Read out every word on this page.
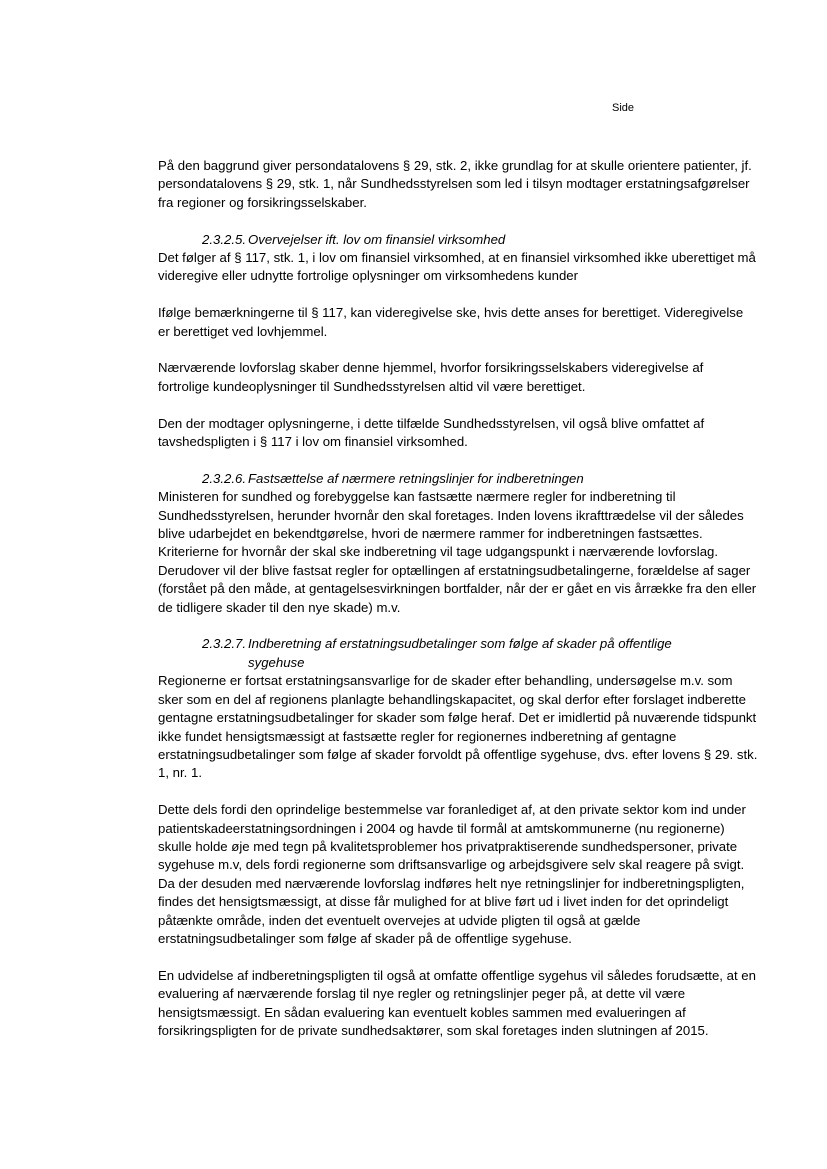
Side

På den baggrund giver persondatalovens § 29, stk. 2, ikke grundlag for at skulle orientere patienter, jf. persondatalovens § 29, stk. 1, når Sundhedsstyrelsen som led i tilsyn modtager erstatningsafgørelser fra regioner og forsikringsselskaber.

2.3.2.5. Overvejelser ift. lov om finansiel virksomhed

Det følger af § 117, stk. 1, i lov om finansiel virksomhed, at en finansiel virksomhed ikke uberettiget må videregive eller udnytte fortrolige oplysninger om virksomhedens kunder

Ifølge bemærkningerne til § 117, kan videregivelse ske, hvis dette anses for berettiget. Videregivelse er berettiget ved lovhjemmel.

Nærværende lovforslag skaber denne hjemmel, hvorfor forsikringsselskabers videregivelse af fortrolige kundeoplysninger til Sundhedsstyrelsen altid vil være berettiget.

Den der modtager oplysningerne, i dette tilfælde Sundhedsstyrelsen, vil også blive omfattet af tavshedspligten i § 117 i lov om finansiel virksomhed.

2.3.2.6. Fastsættelse af nærmere retningslinjer for indberetningen

Ministeren for sundhed og forebyggelse kan fastsætte nærmere regler for indberetning til Sundhedsstyrelsen, herunder hvornår den skal foretages. Inden lovens ikrafttrædelse vil der således blive udarbejdet en bekendtgørelse, hvori de nærmere rammer for indberetningen fastsættes. Kriterierne for hvornår der skal ske indberetning vil tage udgangspunkt i nærværende lovforslag. Derudover vil der blive fastsat regler for optællingen af erstatningsudbetalingerne, forældelse af sager (forstået på den måde, at gentagelsesvirkningen bortfalder, når der er gået en vis årrække fra den eller de tidligere skader til den nye skade) m.v.

2.3.2.7. Indberetning af erstatningsudbetalinger som følge af skader på offentlige
sygehuse

Regionerne er fortsat erstatningsansvarlige for de skader efter behandling, undersøgelse m.v. som sker som en del af regionens planlagte behandlingskapacitet, og skal derfor efter forslaget indberette gentagne erstatningsudbetalinger for skader som følge heraf. Det er imidlertid på nuværende tidspunkt ikke fundet hensigtsmæssigt at fastsætte regler for regionernes indberetning af gentagne erstatningsudbetalinger som følge af skader forvoldt på offentlige sygehuse, dvs. efter lovens § 29. stk. 1, nr. 1.

Dette dels fordi den oprindelige bestemmelse var foranlediget af, at den private sektor kom ind under patientskadeerstatningsordningen i 2004 og havde til formål at amtskommunerne (nu regionerne) skulle holde øje med tegn på kvalitetsproblemer hos privatpraktiserende sundhedspersoner, private sygehuse m.v, dels fordi regionerne som driftsansvarlige og arbejdsgivere selv skal reagere på svigt. Da der desuden med nærværende lovforslag indføres helt nye retningslinjer for indberetningspligten, findes det hensigtsmæssigt, at disse får mulighed for at blive ført ud i livet inden for det oprindeligt påtænkte område, inden det eventuelt overvejes at udvide pligten til også at gælde erstatningsudbetalinger som følge af skader på de offentlige sygehuse.

En udvidelse af indberetningspligten til også at omfatte offentlige sygehus vil således forudsætte, at en evaluering af nærværende forslag til nye regler og retningslinjer peger på, at dette vil være hensigtsmæssigt. En sådan evaluering kan eventuelt kobles sammen med evalueringen af forsikringspligten for de private sundhedsaktører, som skal foretages inden slutningen af 2015.
